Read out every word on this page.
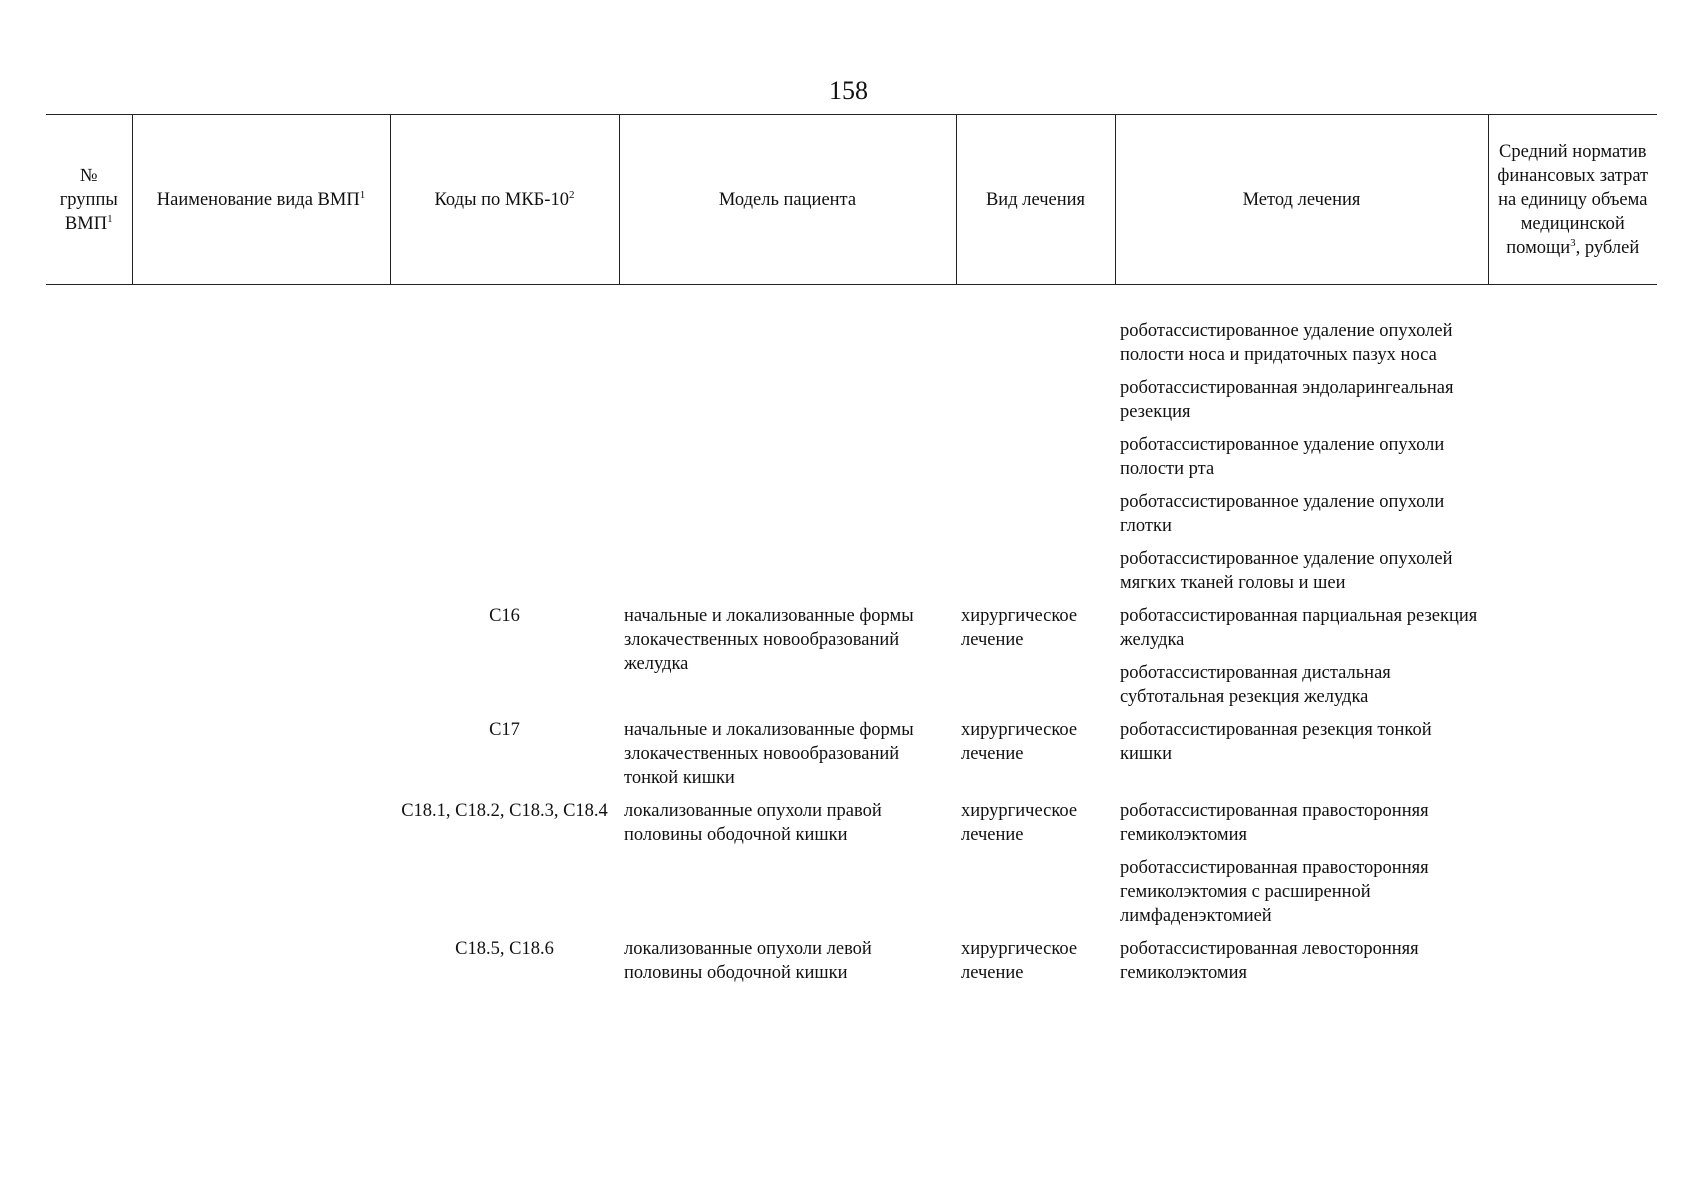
158
№ группы ВМП$^1$	Наименование вида ВМП$^1$	Коды по МКБ-$10^2$	Модель пациента	Вид лечения	Метод лечения	Средний норматив финансовых затрат на единицу объема медицинской помощи$^3$, рублей

					роботассистированное удаление опухолей полости носа и придаточных пазух носа
роботассистированная эндоларингеальная резекция
роботассистированное удаление опухоли полости рта
роботассистированное удаление опухоли глотки
роботассистированное удаление опухолей мягких тканей головы и шеи	

		С16	начальные и локализованные формы злокачественных новообразований желудка	хирургическое лечение	роботассистированная парциальная резекция желудка
роботассистированная дистальная субтотальная резекция желудка	

		С17	начальные и локализованные формы злокачественных новообразований тонкой кишки	хирургическое лечение	роботассистированная резекция тонкой кишки	

		С18.1, С18.2, С18.3, С18.4	локализованные опухоли правой половины ободочной кишки	хирургическое лечение	роботассистированная правосторонняя гемиколэктомия
роботассистированная правосторонняя гемиколэктомия с расширенной лимфаденэктомией	

		С18.5, С18.6	локализованные опухоли левой половины ободочной кишки	хирургическое лечение	роботассистированная левосторонняя гемиколэктомия	
